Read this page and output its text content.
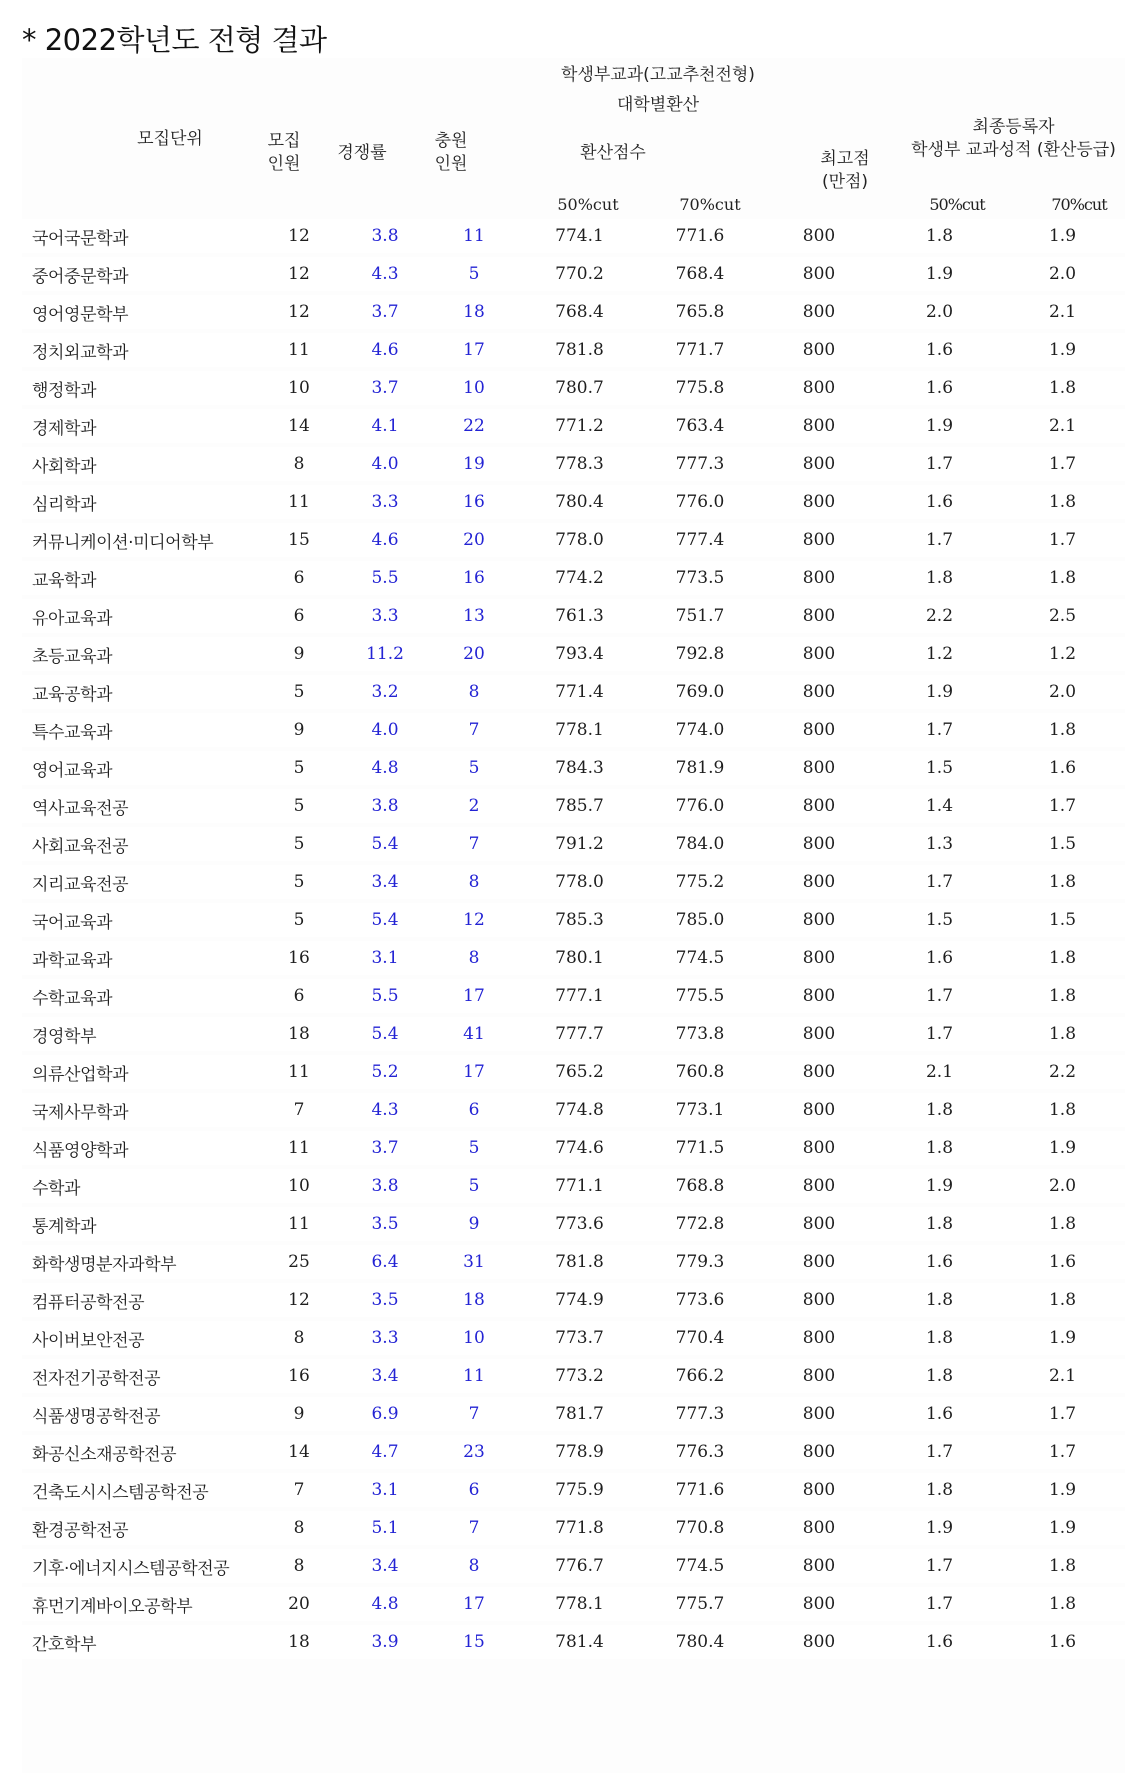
* 2022학년도 전형 결과
학생부교과(고교추천전형)
대학별환산
모집단위	모집
인원
경쟁률
충원
인원
환산점수	최고점
(만점)
최종등록자
학생부 교과성적 (환산등급)
50%cut	70%cut	50%cut	70%cut
국어국문학과	12	3.8	11	774.1	771.6	800	1.8	1.9
중어중문학과	12	4.3	5	770.2	768.4	800	1.9	2.0
영어영문학부	12	3.7	18	768.4	765.8	800	2.0	2.1
정치외교학과	11	4.6	17	781.8	771.7	800	1.6	1.9
행정학과	10	3.7	10	780.7	775.8	800	1.6	1.8
경제학과	14	4.1	22	771.2	763.4	800	1.9	2.1
사회학과	8	4.0	19	778.3	777.3	800	1.7	1.7
심리학과	11	3.3	16	780.4	776.0	800	1.6	1.8
커뮤니케이션·미디어학부	15	4.6	20	778.0	777.4	800	1.7	1.7
교육학과	6	5.5	16	774.2	773.5	800	1.8	1.8
유아교육과	6	3.3	13	761.3	751.7	800	2.2	2.5
초등교육과	9	11.2	20	793.4	792.8	800	1.2	1.2
교육공학과	5	3.2	8	771.4	769.0	800	1.9	2.0
특수교육과	9	4.0	7	778.1	774.0	800	1.7	1.8
영어교육과	5	4.8	5	784.3	781.9	800	1.5	1.6
역사교육전공	5	3.8	2	785.7	776.0	800	1.4	1.7
사회교육전공	5	5.4	7	791.2	784.0	800	1.3	1.5
지리교육전공	5	3.4	8	778.0	775.2	800	1.7	1.8
국어교육과	5	5.4	12	785.3	785.0	800	1.5	1.5
과학교육과	16	3.1	8	780.1	774.5	800	1.6	1.8
수학교육과	6	5.5	17	777.1	775.5	800	1.7	1.8
경영학부	18	5.4	41	777.7	773.8	800	1.7	1.8
의류산업학과	11	5.2	17	765.2	760.8	800	2.1	2.2
국제사무학과	7	4.3	6	774.8	773.1	800	1.8	1.8
식품영양학과	11	3.7	5	774.6	771.5	800	1.8	1.9
수학과	10	3.8	5	771.1	768.8	800	1.9	2.0
통계학과	11	3.5	9	773.6	772.8	800	1.8	1.8
화학생명분자과학부	25	6.4	31	781.8	779.3	800	1.6	1.6
컴퓨터공학전공	12	3.5	18	774.9	773.6	800	1.8	1.8
사이버보안전공	8	3.3	10	773.7	770.4	800	1.8	1.9
전자전기공학전공	16	3.4	11	773.2	766.2	800	1.8	2.1
식품생명공학전공	9	6.9	7	781.7	777.3	800	1.6	1.7
화공신소재공학전공	14	4.7	23	778.9	776.3	800	1.7	1.7
건축도시시스템공학전공	7	3.1	6	775.9	771.6	800	1.8	1.9
환경공학전공	8	5.1	7	771.8	770.8	800	1.9	1.9
기후·에너지시스템공학전공	8	3.4	8	776.7	774.5	800	1.7	1.8
휴먼기계바이오공학부	20	4.8	17	778.1	775.7	800	1.7	1.8
간호학부	18	3.9	15	781.4	780.4	800	1.6	1.6
